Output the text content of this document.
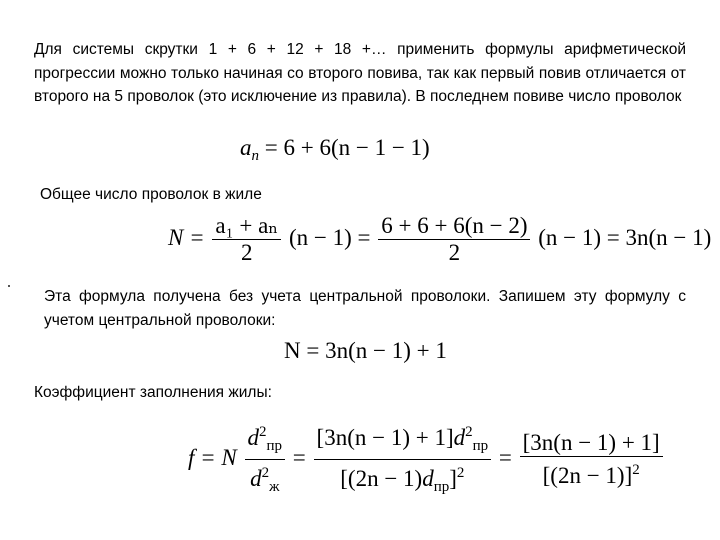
Для системы скрутки 1 + 6 + 12 + 18 +… применить формулы арифметической прогрессии можно только начиная со второго повива, так как первый повив отличается от второго на 5 проволок (это исключение из правила). В последнем повиве число проволок

$a_n = 6 + 6(n - 1 - 1)$

Общее число проволок в жиле

$N = \frac{\text{a₁ + aₙ}}{2} (n - 1) = \frac{6 + 6 + 6(n - 2)}{2} (n - 1) = 3n(n - 1)$

Эта формула получена без учета центральной проволоки. Запишем эту формулу с учетом центральной проволоки:

N = 3n(n − 1) + 1

Коэффициент заполнения жилы:

f = N $\frac{d^2_{пр}}{d^2_ж} = \frac{[3n(n - 1) + 1]d^2_{пр}}{[(2n - 1)d_{пр}]^2} = \frac{[3n(n - 1) + 1]}{[(2n - 1)]^2}$
